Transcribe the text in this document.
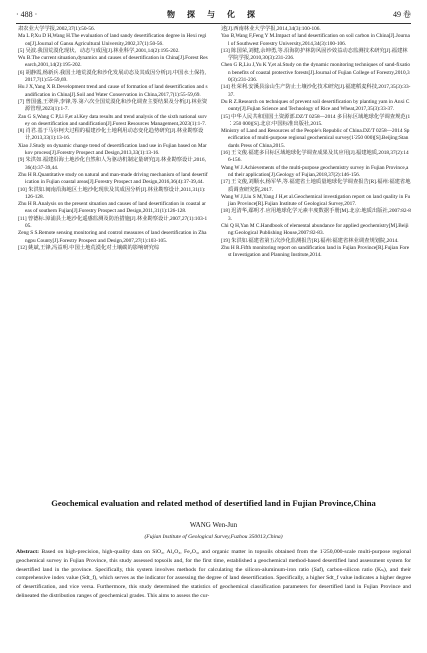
· 488 ·	物 探 与 化 探	49 卷
肃农业大学学报,2002,37(1):50-56.
Ma L P,Xu D H,Wang H.The evaluation of land sandy desertification degree in Hexi region[J].Journal of Gansu Agricultural University,2002,37(1):50-56.
[5] 吴波.我国荒漠化现状、动态与成因[J].林业科学,2001,14(2):195-202.
Wu B.The current situation,dynamics and causes of desertification in China[J].Forest Research,2001,14(2):195-202.
[6] 胡静霞,杨新兵.我国土地荒漠化和沙化发展动态及其成因分析[J].中国水土保持,2017,7(1):55-59,69.
Hu J X,Yang X B.Development trend and cause of formation of land desertification and sandification in China[J].Soil and Water Conservation in China,2017,7(1):55-59,69.
[7] 曾国盛,王翠萍,李锋,等.第六次全国荒漠化和沙化调查主要结果及分析[J].林业资源管理,2023(1):1-7.
Zan G S,Wang C P,Li F,et al.Key data results and trend analysis of the sixth national survey on desertification and sandification[J].Forest Resources Management,2023(1):1-7.
[8] 肖君.基于马尔柯夫过程的福建沙化土地利用动态变化趋势研究[J].林业勘察设计,2013,33(1):13-16.
Xiao J.Study on dynamic change trend of desertification land use in Fujian based on Markov process[J].Forestry Prospect and Design,2013,33(1):13-16.
[9] 朱洪如.福建沿海土地沙化自然和人为驱动机制定量研究[J].林业勘察设计,2016,36(4):37-39,44.
Zhu H R.Quantitative study on natural and man-made driving mechanism of land desertification in Fujian coastal areas[J].Forestry Prospect and Design,2016,36(4):37-39,44.
[10] 朱洪如.闽南沿海地区土地沙化现状及其成因分析[J].林业勘察设计,2011,31(1):126-128.
Zhu H R.Analysis on the present situation and causes of land desertification in coastal areas of southern Fujian[J].Forestry Prospect and Design,2011,31(1):126-128.
[11] 曾德标.漳浦县土地沙化遥感监测及防治措施[J].林业勘察设计,2007,27(1):103-105.
Zeng S S.Remote sensing monitoring and control measures of land desertification in Zhangpu County[J].Forestry Prospect and Design,2007,27(1):103-105.
[12] 姚斌,王锋,冯益明.中国土地荒漠化对土壤碳的影响研究综
述[J].西南林业大学学报,2014,34(3):100-106.
Yao B,Wang F,Feng Y M.Impact of land desertification on soil carbon in China[J].Journal of Southwest Forestry University,2014,34(3):100-106.
[13] 陈国荣,刘健,余坤勇,等.沿海防护林防风固沙效益动态监测技术研究[J].福建林学院学报,2010,30(3):231-236.
Chen G R,Liu J,Yu K Y,et al.Study on the dynamic monitoring techniques of sand-fixation benefits of coastal protective forests[J].Journal of Fujian College of Forestry,2010,30(3):231-236.
[14] 杜荣利.安溪县涂山生产防止土壤沙化技术研究[J].福建稻麦科技,2017,35(3):33-37.
Du R Z.Research on techniques of prevent soil desertification by planting yam in Anxi County[J].Fujian Science and Technology of Rice and Wheat,2017,35(3):33-37.
[15] 中华人民共和国国土资源部.DZ/T 0258—2014 多目标区域地球化学调查规范(1∶250 000)[S].北京:中国标准出版社,2015.
Ministry of Land and Resources of the People's Republic of China.DZ/T 0258—2014 Specification of multi-purpose regional geochemical survey(1∶250 000)[S].Beijing:Standards Press of China,2015.
[16] 王文俊.福建多目标区域地球化学调查成果及其应用[J].福建地质,2018,37(2):146-156.
Wang W J.Achievements of the multi-purpose geochemistry survey in Fujian Province,and their application[J].Geology of Fujian,2018,37(2):146-156.
[17] 王文俊,刘顺水,杨军华,等.福建省土地质量地球化学调查报告[R].福州:福建省地质调查研究院,2017.
Wang W J,Liu S M,Yang J H,et al.Geochemical investigation report on land quality in Fujian Province[R].Fujian Institute of Geological Survey,2017.
[18] 迟清华,鄢明才.应用地球化学元素丰度数据手册[M].北京:地质出版社,2007:82-83.
Chi Q H,Yan M C.Handbook of elemental abundance for applied geochemistry[M].Beijing:Geological Publishing House,2007:82-83.
[19] 朱洪如.福建省第五次沙化监测报告[R].福州:福建省林业调查规划院,2014.
Zhu H R.Fifth monitoring report on sandification land in Fujian Province[R].Fujian Forest Investigation and Planning Institute,2014.
Geochemical evaluation and related method of desertified land in Fujian Province,China
WANG Wen-Jun
(Fujian Institute of Geological Survey,Fuzhou 350013,China)
Abstract: Based on high-precision, high-quality data on SiO₂, Al₂O₃, Fe₂O₃, and organic matter in topsoils obtained from the 1∶250,000-scale multi-purpose regional geochemical survey in Fujian Province, this study assessed topsoils and, for the first time, established a geochemical method-based desertified land assessment system for desertified land in the province. Specifically, this system involves methods for calculating the silicon-aluminum-iron ratio (Saf), carbon-silicon ratio (Kₛᵢ), and their comprehensive index value (Sdt_f), which serves as the indicator for assessing the degree of land desertification. Specifically, a higher Sdt_f value indicates a higher degree of desertification, and vice versa. Furthermore, this study determined the statistics of geochemical classification parameters for desertified land in Fujian Province and delineated the distribution ranges of geochemical grades. This aims to assess the cur-
